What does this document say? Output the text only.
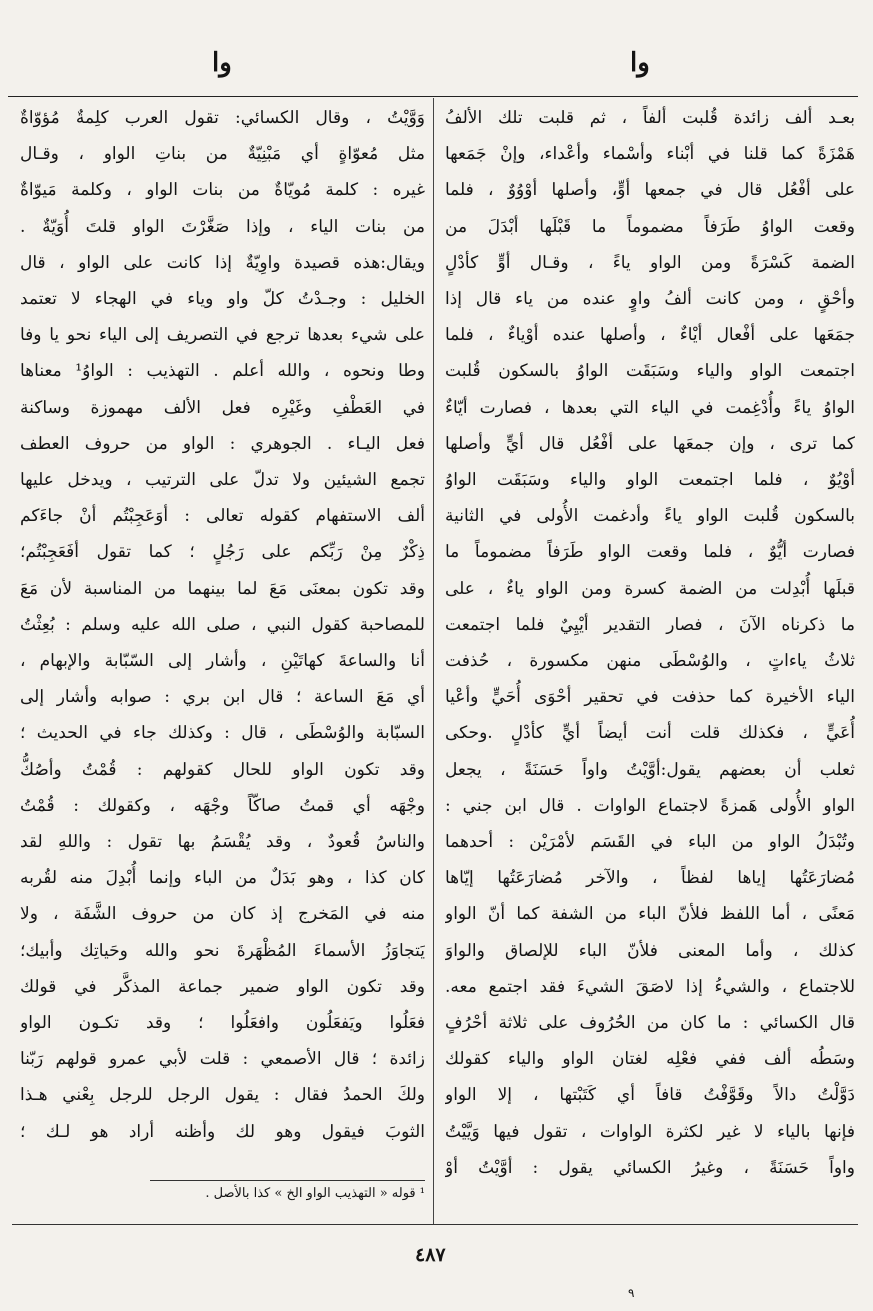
وا
وا
بعـد ألف زائدة قُلبت ألفاً ، ثم قلبت تلك الألفُ
هَمْزَةً كما قلنا في أبْناء وأسْماء وأعْداء، وإنْ جَمَعها
على أفْعُل قال في جمعها أوٍّ، وأصلها أوْوُوٌ ، فلما
وقعت الواوُ طَرَفاً مضموماً ما قَبْلَها أبْدَلَ من
الضمة كَسْرَةً ومن الواو ياءً ، وقـال أوٍّ كأدْلٍ
وأحْقٍ ، ومن كانت ألفُ واوٍ عنده من ياء قال إذا
جمَعَها على أفْعال أيْاءٌ ، وأصلها عنده أوْياءٌ ، فلما
اجتمعت الواو والياء وسَبَقَت الواوُ بالسكون قُلبت
الواوُ ياءً وأُدْغِمت في الياء التي بعدها ، فصارت أيّاءٌ
كما ترى ، وإن جمعَها على أفْعُل قال أيٍّ وأصلها
أوْيُوٌ ، فلما اجتمعت الواو والياء وسَبَقَت الواوُ
بالسكون قُلبت الواو ياءً وأدغمت الأُولى في الثانية
فصارت أيُّوٌ ، فلما وقعت الواو طَرَفاً مضموماً ما
قبلَها أُبْدِلت من الضمة كسرة ومن الواو ياءٌ ، على
ما ذكرناه الآنَ ، فصار التقدير أيْيِيٌ فلما اجتمعت
ثلاثُ ياءاتٍ ، والوُسْطَى منهن مكسورة ، حُذفت
الياء الأخيرة كما حذفت في تحقير أحْوَى أُحَيٍّ وأعْيا
أُعَيٍّ ، فكذلك قلت أنت أيضاً أيٍّ كأدْلٍ .وحكى
ثعلب أن بعضهم يقول:أوَّيْتُ واواً حَسَنَةً ، يجعل
الواو الأُولى هَمزةً لاجتماع الواوات . قال ابن جني :
وتُبْدَلُ الواو من الباء في القَسَم لأمْرَيْن : أحدهما
مُضارَعَتُها إياها لفظاً ، والآخر مُضارَعَتُها إيّاها
مَعنًى ، أما اللفظ فلأنّ الباء من الشفة كما أنّ الواو
كذلك ، وأما المعنى فلأنّ الباء للإلصاق والواوَ
للاجتماع ، والشيءُ إذا لاصَقَ الشيءَ فقد اجتمع معه.
قال الكسائي : ما كان من الحُرُوف على ثلاثة أحْرُفٍ
وسَطُه ألف ففي فعْلِه لغتان الواو والياء كقولك
دَوَّلْتُ دالاً وقَوَّفْتُ قافاً أي كَتَبْتها ، إلا الواو
فإنها بالياء لا غير لكثرة الواوات ، تقول فيها وَيَّيْتُ
واواً حَسَنَةً ، وغيرُ الكسائي يقول : أوَّيْتُ أوْ
وَوَّيْتُ ، وقال الكسائي: تقول العرب كلِمةٌ مُؤوّاةٌ
مثل مُعوّاةٍ أي مَبْنِيّةٌ من بناتِ الواو ، وقـال
غيره : كلمة مُويّاةٌ من بنات الواو ، وكلمة مَيوّاةٌ
من بنات الياء ، وإذا صَغَّرْتَ الواو قلتَ أُوَيّةٌ .
ويقال:هذه قصيدة واوِيّةٌ إذا كانت على الواو ، قال
الخليل : وجـدْتُ كلّ واو وياء في الهجاء لا تعتمد
على شيء بعدها ترجع في التصريف إلى الياء نحو يا وفا
وطا ونحوه ، والله أعلم . التهذيب : الواوُ¹ معناها
في العَطْفِ وغَيْرِه فعل الألف مهموزة وساكنة
فعل اليـاء . الجوهري : الواو من حروف العطف
تجمع الشيئين ولا تدلّ على الترتيب ، ويدخل عليها
ألف الاستفهام كقوله تعالى : أوَعَجِبْتُم أنْ جاءَكم
ذِكْرٌ مِنْ رَبِّكم على رَجُلٍ ؛ كما تقول أفَعَجِبْتُم؛
وقد تكون بمعنَى مَعَ لما بينهما من المناسبة لأن مَعَ
للمصاحبة كقول النبي ، صلى الله عليه وسلم : بُعِثْتُ
أنا والساعةَ كهاتَيْنِ ، وأشار إلى السّبّابة والإبهام ،
أي مَعَ الساعة ؛ قال ابن بري : صوابه وأشار إلى
السبّابة والوُسْطَى ، قال : وكذلك جاء في الحديث ؛
وقد تكون الواو للحال كقولهم : قُمْتُ وأصُكُّ
وجْهَه أي قمتُ صاكّاً وجْهَه ، وكقولك : قُمْتُ
والناسُ قُعودٌ ، وقد يُقْسَمُ بها تقول : واللهِ لقد
كان كذا ، وهو بَدَلٌ من الباء وإنما أُبْدِلَ منه لقُربه
منه في المَخرج إذ كان من حروف الشَّفَة ، ولا
يَتجاوَزُ الأسماءَ المُظْهَرةَ نحو والله وحَياتِك وأبيك؛
وقد تكون الواو ضمير جماعة المذكَّر في قولك
فعَلُوا ويَفعَلُون وافعَلُوا ؛ وقد تكـون الواو
زائدة ؛ قال الأصمعي : قلت لأبي عمرو قولهم رَبّنا
ولكَ الحمدُ فقال : يقول الرجل للرجل بِعْني هـذا
الثوبَ فيقول وهو لك وأظنه أراد هو لـك ؛
¹ قوله « التهذيب الواو الخ » كذا بالأصل .
٤٨٧
٩
